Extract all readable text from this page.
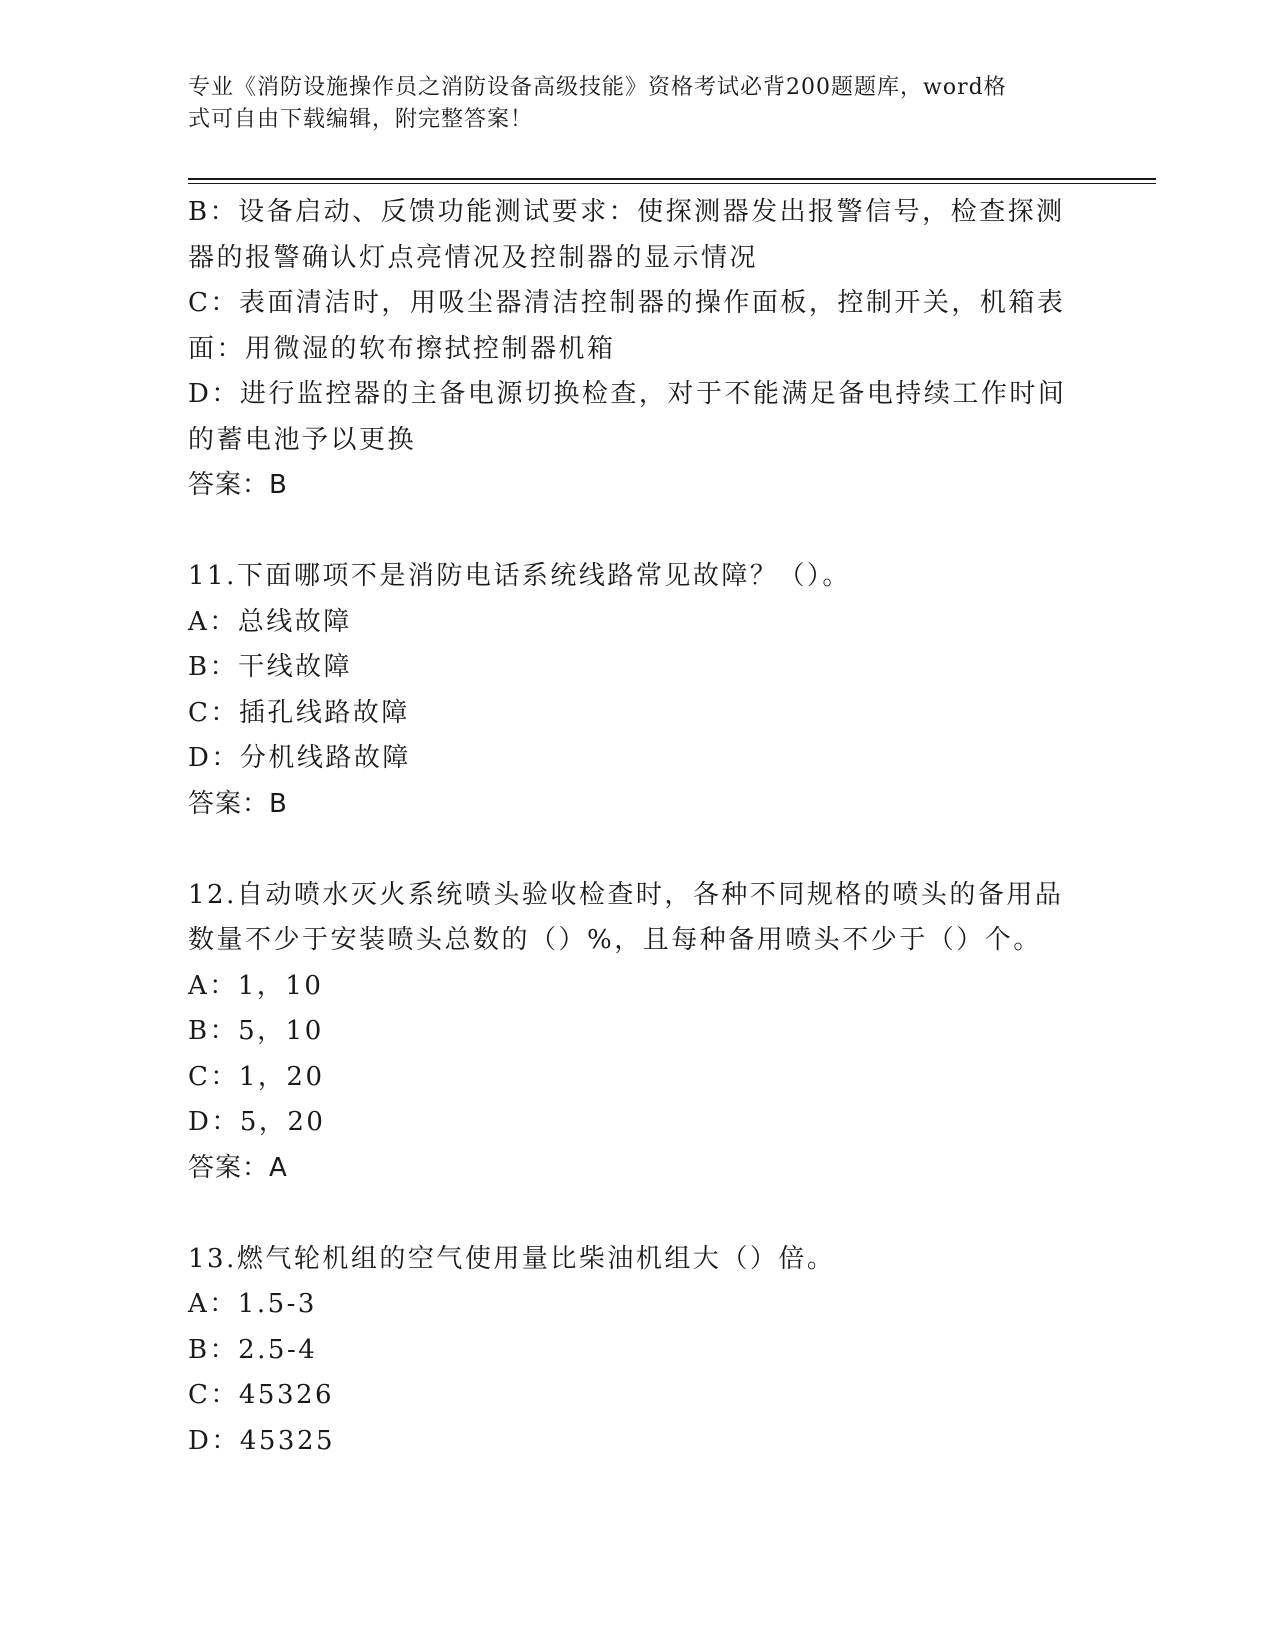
专业《消防设施操作员之消防设备高级技能》资格考试必背200题题库，word格
式可自由下载编辑，附完整答案！
B：设备启动、反馈功能测试要求：使探测器发出报警信号，检查探测
器的报警确认灯点亮情况及控制器的显示情况
C：表面清洁时，用吸尘器清洁控制器的操作面板，控制开关，机箱表
面：用微湿的软布擦拭控制器机箱
D：进行监控器的主备电源切换检查，对于不能满足备电持续工作时间
的蓄电池予以更换
答案：B
11.下面哪项不是消防电话系统线路常见故障？（）。
A：总线故障
B：干线故障
C：插孔线路故障
D：分机线路故障
答案：B
12.自动喷水灭火系统喷头验收检查时，各种不同规格的喷头的备用品
数量不少于安装喷头总数的（）%，且每种备用喷头不少于（）个。
A：1，10
B：5，10
C：1，20
D：5，20
答案：A
13.燃气轮机组的空气使用量比柴油机组大（）倍。
A：1.5-3
B：2.5-4
C：45326
D：45325
